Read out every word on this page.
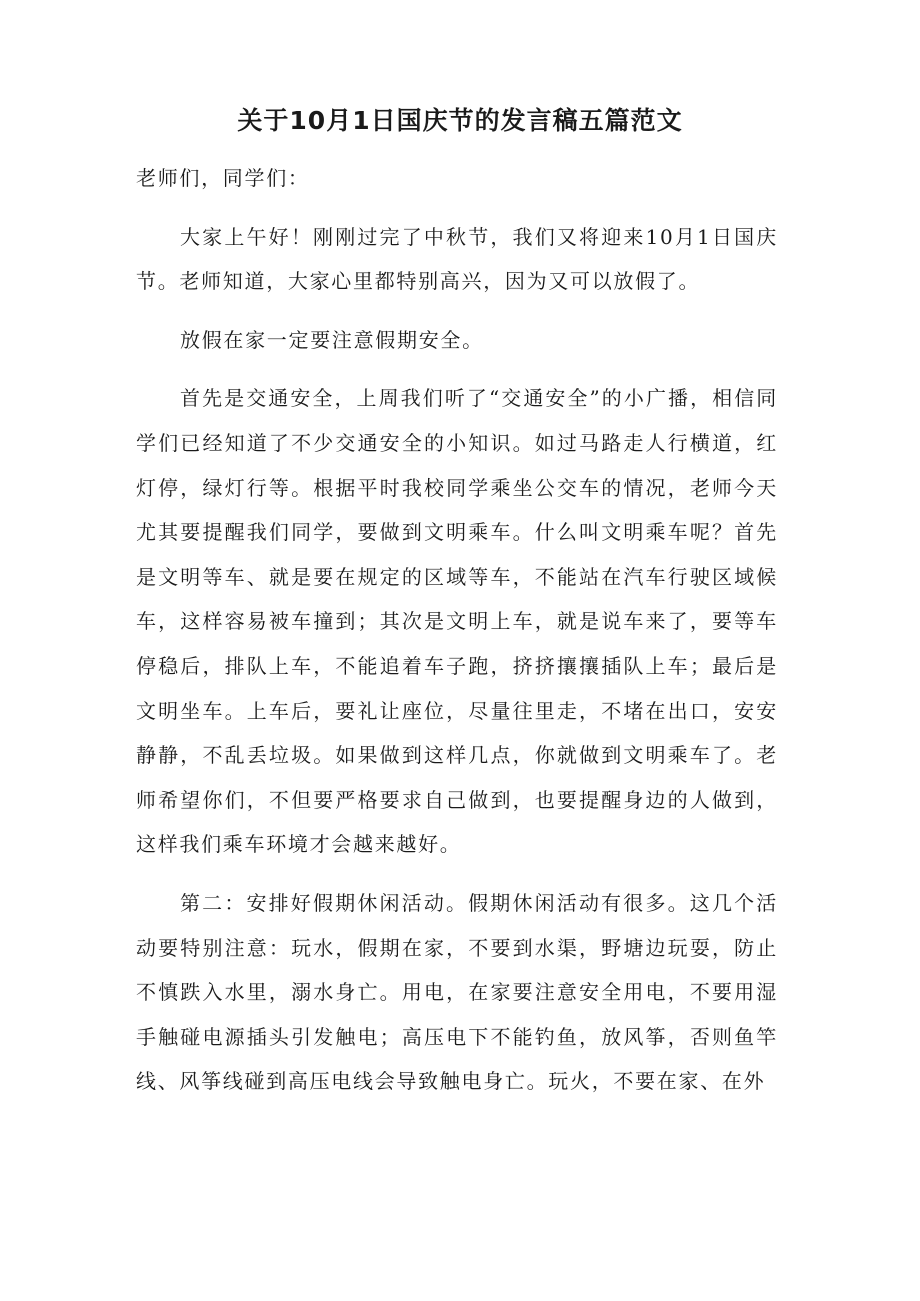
关于10月1日国庆节的发言稿五篇范文

老师们，同学们：

大家上午好！刚刚过完了中秋节，我们又将迎来10月1日国庆节。老师知道，大家心里都特别高兴，因为又可以放假了。

放假在家一定要注意假期安全。

首先是交通安全，上周我们听了“交通安全”的小广播，相信同学们已经知道了不少交通安全的小知识。如过马路走人行横道，红灯停，绿灯行等。根据平时我校同学乘坐公交车的情况，老师今天尤其要提醒我们同学，要做到文明乘车。什么叫文明乘车呢？首先是文明等车、就是要在规定的区域等车，不能站在汽车行驶区域候车，这样容易被车撞到；其次是文明上车，就是说车来了，要等车停稳后，排队上车，不能追着车子跑，挤挤攘攘插队上车；最后是文明坐车。上车后，要礼让座位，尽量往里走，不堵在出口，安安静静，不乱丢垃圾。如果做到这样几点，你就做到文明乘车了。老师希望你们，不但要严格要求自己做到，也要提醒身边的人做到，这样我们乘车环境才会越来越好。

第二：安排好假期休闲活动。假期休闲活动有很多。这几个活动要特别注意：玩水，假期在家，不要到水渠，野塘边玩耍，防止不慎跌入水里，溺水身亡。用电，在家要注意安全用电，不要用湿手触碰电源插头引发触电；高压电下不能钓鱼，放风筝，否则鱼竿线、风筝线碰到高压电线会导致触电身亡。玩火，不要在家、在外
